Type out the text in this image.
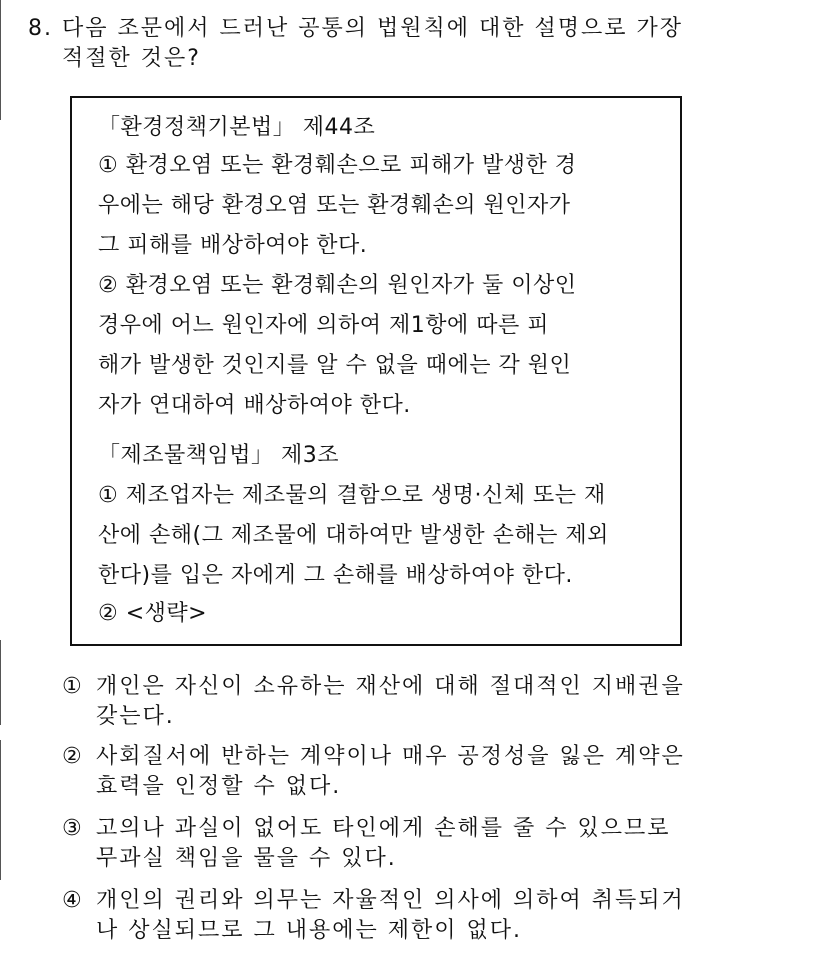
8. 다음 조문에서 드러난 공통의 법원칙에 대한 설명으로 가장
적절한 것은?
「환경정책기본법」 제44조
① 환경오염 또는 환경훼손으로 피해가 발생한 경
우에는 해당 환경오염 또는 환경훼손의 원인자가
그 피해를 배상하여야 한다.
② 환경오염 또는 환경훼손의 원인자가 둘 이상인
경우에 어느 원인자에 의하여 제1항에 따른 피
해가 발생한 것인지를 알 수 없을 때에는 각 원인
자가 연대하여 배상하여야 한다.
「제조물책임법」 제3조
① 제조업자는 제조물의 결함으로 생명·신체 또는 재
산에 손해(그 제조물에 대하여만 발생한 손해는 제외
한다)를 입은 자에게 그 손해를 배상하여야 한다.
② <생략>
① 개인은 자신이 소유하는 재산에 대해 절대적인 지배권을
갖는다.
② 사회질서에 반하는 계약이나 매우 공정성을 잃은 계약은
효력을 인정할 수 없다.
③ 고의나 과실이 없어도 타인에게 손해를 줄 수 있으므로
무과실 책임을 물을 수 있다.
④ 개인의 권리와 의무는 자율적인 의사에 의하여 취득되거
나 상실되므로 그 내용에는 제한이 없다.
